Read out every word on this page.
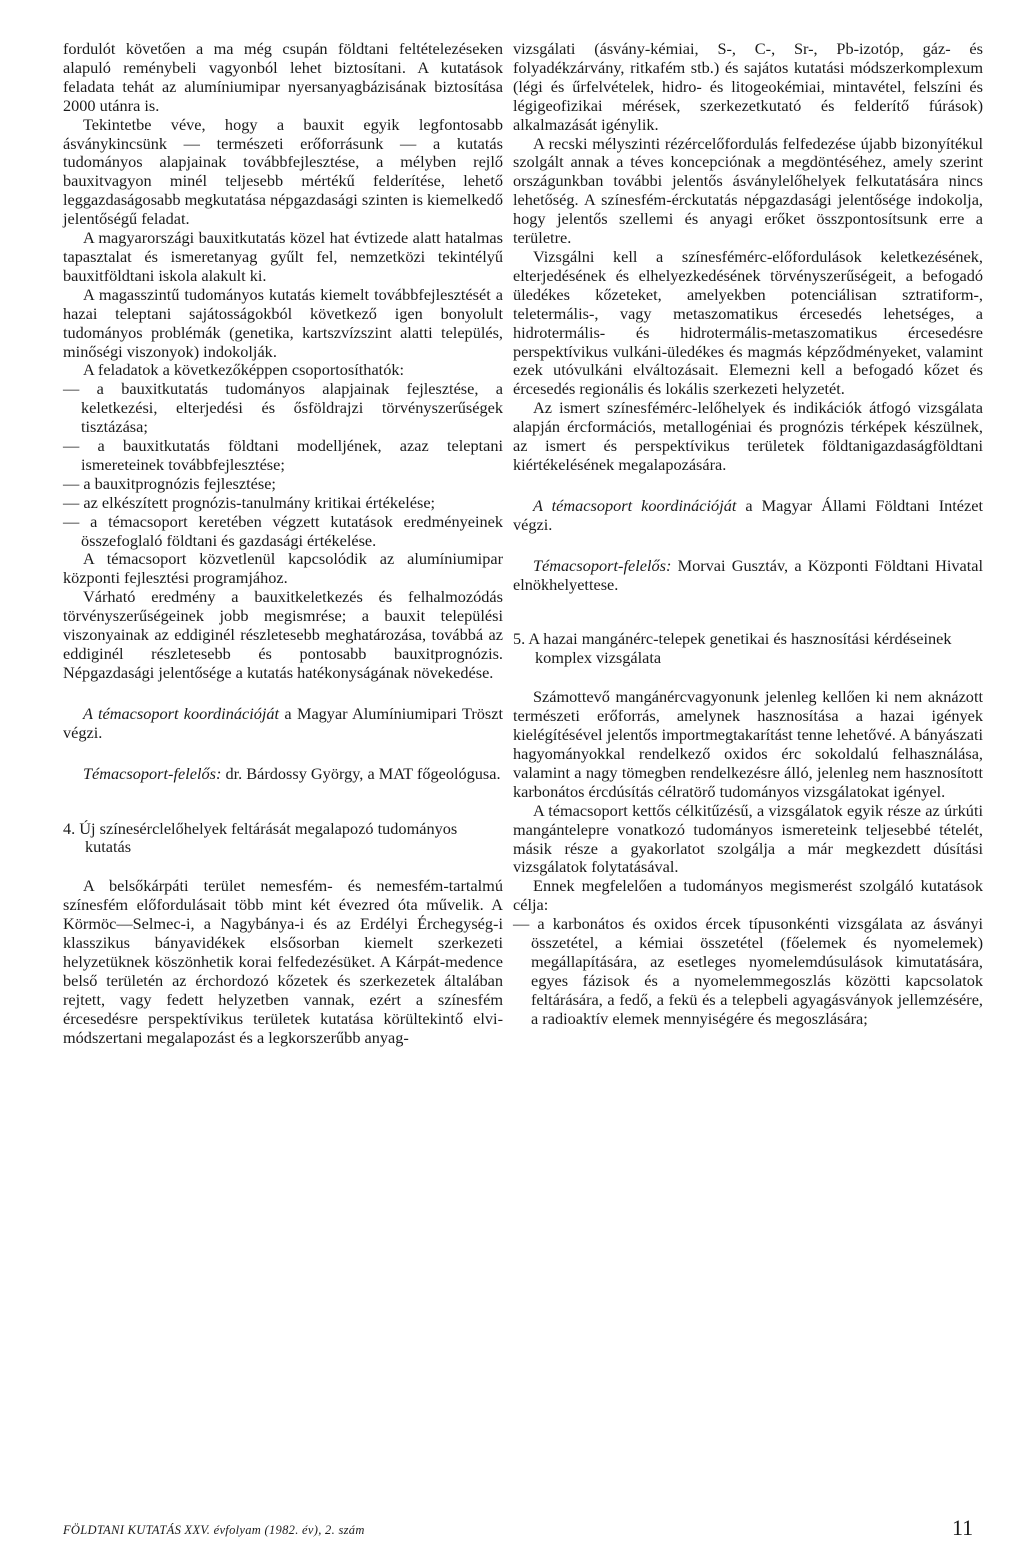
fordulót követően a ma még csupán földtani feltételezéseken alapuló reménybeli vagyonból lehet biztosítani. A kutatások feladata tehát az alumíniumipar nyersanyagbázisának biztosítása 2000 utánra is.

Tekintetbe véve, hogy a bauxit egyik legfontosabb ásványkincsünk — természeti erőforrásunk — a kutatás tudományos alapjainak továbbfejlesztése, a mélyben rejlő bauxitvagyon minél teljesebb mértékű felderítése, lehető leggazdaságosabb megkutatása népgazdasági szinten is kiemelkedő jelentőségű feladat.

A magyarországi bauxitkutatás közel hat évtizede alatt hatalmas tapasztalat és ismeretanyag gyűlt fel, nemzetközi tekintélyű bauxitföldtani iskola alakult ki.

A magasszintű tudományos kutatás kiemelt továbbfejlesztését a hazai teleptani sajátosságokból következő igen bonyolult tudományos problémák (genetika, kartszvízszint alatti település, minőségi viszonyok) indokolják.

A feladatok a következőképpen csoportosíthatók:

— a bauxitkutatás tudományos alapjainak fejlesztése, a keletkezési, elterjedési és ősföldrajzi törvényszerűségek tisztázása;

— a bauxitkutatás földtani modelljének, azaz teleptani ismereteinek továbbfejlesztése;

— a bauxitprognózis fejlesztése;

— az elkészített prognózis-tanulmány kritikai értékelése;

— a témacsoport keretében végzett kutatások eredményeinek összefoglaló földtani és gazdasági értékelése.

A témacsoport közvetlenül kapcsolódik az alumíniumipar központi fejlesztési programjához.

Várható eredmény a bauxitkeletkezés és felhalmozódás törvényszerűségeinek jobb megismrése; a bauxit települési viszonyainak az eddiginél részletesebb meghatározása, továbbá az eddiginél részletesebb és pontosabb bauxitprognózis. Népgazdasági jelentősége a kutatás hatékonyságának növekedése.

A témacsoport koordinációját a Magyar Alumíniumipari Tröszt végzi.

Témacsoport-felelős: dr. Bárdossy György, a MAT főgeológusa.

4. Új színesérclelőhelyek feltárását megalapozó tudományos kutatás

A belsőkárpáti terület nemesfém- és nemesfém-tartalmú színesfém előfordulásait több mint két évezred óta művelik. A Körmöc—Selmec-i, a Nagybánya-i és az Erdélyi Érchegység-i klasszikus bányavidékek elsősorban kiemelt szerkezeti helyzetüknek köszönhetik korai felfedezésüket. A Kárpát-medence belső területén az érchordozó kőzetek és szerkezetek általában rejtett, vagy fedett helyzetben vannak, ezért a színesfém ércesedésre perspektívikus területek kutatása körültekintő elvi-módszertani megalapozást és a legkorszerűbb anyag-

vizsgálati (ásvány-kémiai, S-, C-, Sr-, Pb-izotóp, gáz- és folyadékzárvány, ritkafém stb.) és sajátos kutatási módszerkomplexum (légi és űrfelvételek, hidro- és litogeokémiai, mintavétel, felszíni és légigeofizikai mérések, szerkezetkutató és felderítő fúrások) alkalmazását igénylik.

A recski mélyszinti rézércelőfordulás felfedezése újabb bizonyítékul szolgált annak a téves koncepciónak a megdöntéséhez, amely szerint országunkban további jelentős ásványlelőhelyek felkutatására nincs lehetőség. A színesfém-érckutatás népgazdasági jelentősége indokolja, hogy jelentős szellemi és anyagi erőket összpontosítsunk erre a területre.

Vizsgálni kell a színesfémérc-előfordulások keletkezésének, elterjedésének és elhelyezkedésének törvényszerűségeit, a befogadó üledékes kőzeteket, amelyekben potenciálisan sztratiform-, teletermális-, vagy metaszomatikus ércesedés lehetséges, a hidrotermális- és hidrotermális-metaszomatikus ércesedésre perspektívikus vulkáni-üledékes és magmás képződményeket, valamint ezek utóvulkáni elváltozásait. Elemezni kell a befogadó kőzet és ércesedés regionális és lokális szerkezeti helyzetét.

Az ismert színesfémérc-lelőhelyek és indikációk átfogó vizsgálata alapján ércformációs, metallogéniai és prognózis térképek készülnek, az ismert és perspektívikus területek földtanigazdaságföldtani kiértékelésének megalapozására.

A témacsoport koordinációját a Magyar Állami Földtani Intézet végzi.

Témacsoport-felelős: Morvai Gusztáv, a Központi Földtani Hivatal elnökhelyettese.

5. A hazai mangánérc-telepek genetikai és hasznosítási kérdéseinek komplex vizsgálata

Számottevő mangánércvagyonunk jelenleg kellően ki nem aknázott természeti erőforrás, amelynek hasznosítása a hazai igények kielégítésével jelentős importmegtakarítást tenne lehetővé. A bányászati hagyományokkal rendelkező oxidos érc sokoldalú felhasználása, valamint a nagy tömegben rendelkezésre álló, jelenleg nem hasznosított karbonátos ércdúsítás célratörő tudományos vizsgálatokat igényel.

A témacsoport kettős célkitűzésű, a vizsgálatok egyik része az úrkúti mangántelepre vonatkozó tudományos ismereteink teljesebbé tételét, másik része a gyakorlatot szolgálja a már megkezdett dúsítási vizsgálatok folytatásával.

Ennek megfelelően a tudományos megismerést szolgáló kutatások célja:

— a karbonátos és oxidos ércek típusonkénti vizsgálata az ásványi összetétel, a kémiai összetétel (főelemek és nyomelemek) megállapítására, az esetleges nyomelemdúsulások kimutatására, egyes fázisok és a nyomelemmegoszlás közötti kapcsolatok feltárására, a fedő, a fekü és a telepbeli agyagásványok jellemzésére, a radioaktív elemek mennyiségére és megoszlására;

FÖLDTANI KUTATÁS XXV. évfolyam (1982. év), 2. szám	11
